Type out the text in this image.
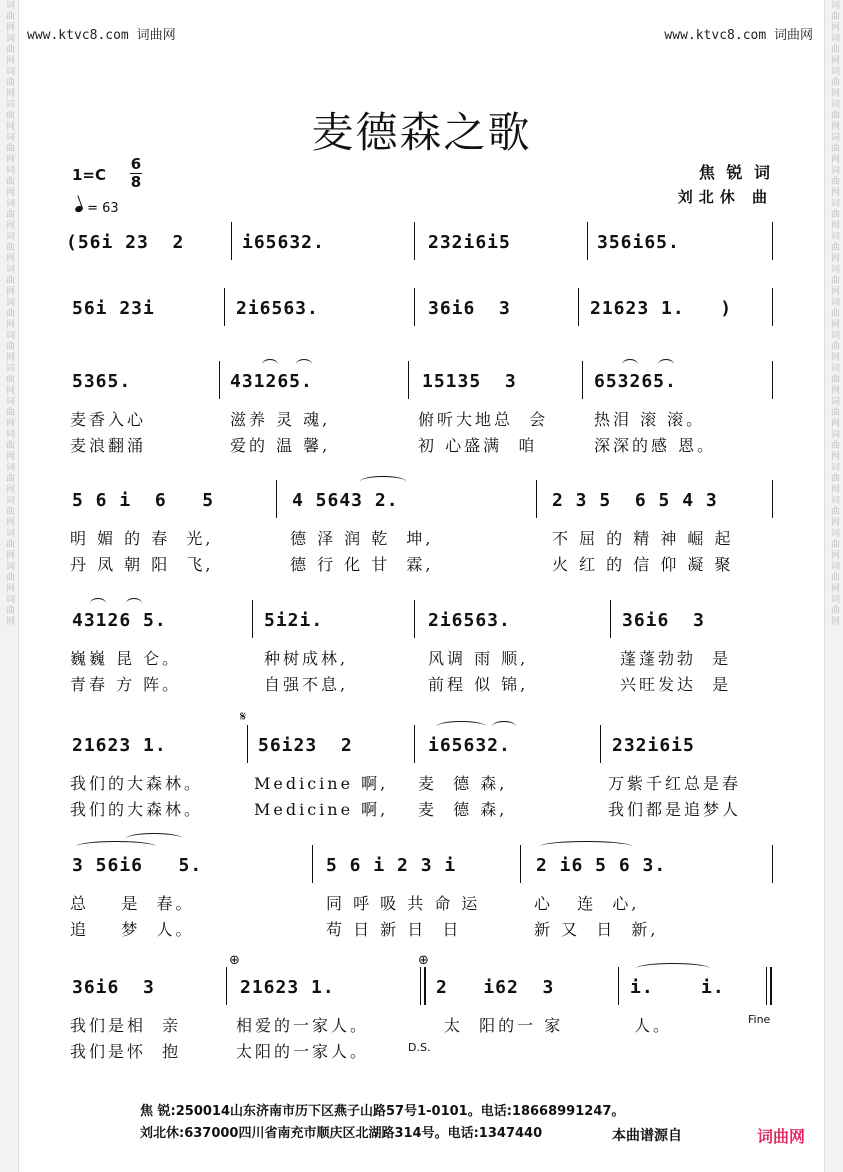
词曲网词曲网词曲网词曲网词曲网词曲网词曲网词曲网词曲网词曲网词曲网词曲网词曲网词曲网词曲网词曲网词曲网词曲网词曲网	词曲网词曲网词曲网词曲网词曲网词曲网词曲网词曲网词曲网词曲网词曲网词曲网词曲网词曲网词曲网词曲网词曲网词曲网词曲网
www.ktvc8.com 词曲网	www.ktvc8.com 词曲网
麦德森之歌
1=C
6
8
= 63
焦 锐 词
刘北休 曲
(56i 23  2	i65632.	232i6i5	356i65.
56i 23i	2i6563.	36i6  3	21623 1.   )
5365.	431265.	15135  3	653265.
麦香入心	滋养 灵 魂,	俯听大地总  会	热泪 滚 滚。
麦浪翻涌	爱的 温 馨,	初 心盛满  咱	深深的感 恩。
5 6 i  6   5	4 5643 2.	2 3 5  6 5 4 3
明 媚 的 春  光,	德 泽 润 乾  坤,	不 屈 的 精 神 崛 起
丹 凤 朝 阳  飞,	德 行 化 甘  霖,	火 红 的 信 仰 凝 聚
43126 5.	5i2i.	2i6563.	36i6  3
巍巍 昆 仑。	种树成林,	风调 雨 顺,	蓬蓬勃勃  是
青春 方 阵。	自强不息,	前程 似 锦,	兴旺发达  是
𝄋
21623 1.	56i23  2	i65632.	232i6i5
我们的大森林。	Medicine 啊, 麦  德 森,	万紫千红总是春
我们的大森林。	Medicine 啊, 麦  德 森,	我们都是追梦人
3 56i6   5.	5 6 i 2 3 i	2 i6 5 6 3.
总    是  春。	同 呼 吸 共 命 运	心   连  心,
追    梦  人。	苟 日 新 日  日	新 又  日  新,
⊕	⊕
36i6  3	21623 1.	2   i62  3	i.    i.
我们是相  亲	相爱的一家人。	太  阳的一 家	人。	Fine
我们是怀  抱	太阳的一家人。	D.S.
焦 锐:250014山东济南市历下区燕子山路57号1-0101。电话:18668991247。
刘北休:637000四川省南充市顺庆区北湖路314号。电话:1347440	本曲谱源自	词曲网
